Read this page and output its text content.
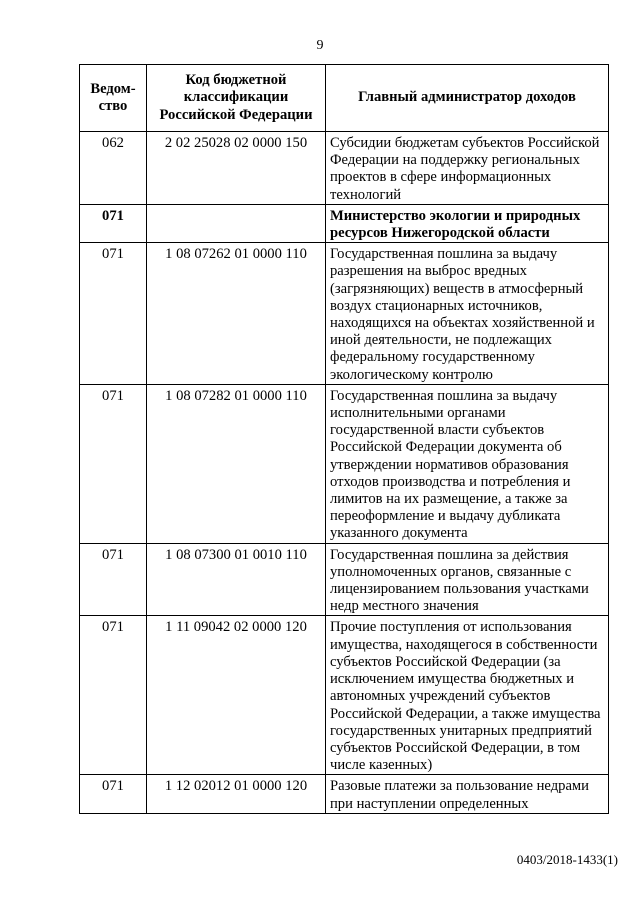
9
Ведом-ство	Код бюджетной классификации Российской Федерации	Главный администратор доходов
062	2 02 25028 02 0000 150	Субсидии бюджетам субъектов Российской Федерации на поддержку региональных проектов в сфере информационных технологий
071		Министерство экологии и природных ресурсов Нижегородской области
071	1 08 07262 01 0000 110	Государственная пошлина за выдачу разрешения на выброс вредных (загрязняющих) веществ в атмосферный воздух стационарных источников, находящихся на объектах хозяйственной и иной деятельности, не подлежащих федеральному государственному экологическому контролю
071	1 08 07282 01 0000 110	Государственная пошлина за выдачу исполнительными органами государственной власти субъектов Российской Федерации документа об утверждении нормативов образования отходов производства и потребления и лимитов на их размещение, а также за переоформление и выдачу дубликата указанного документа
071	1 08 07300 01 0010 110	Государственная пошлина за действия уполномоченных органов, связанные с лицензированием пользования участками недр местного значения
071	1 11 09042 02 0000 120	Прочие поступления от использования имущества, находящегося в собственности субъектов Российской Федерации (за исключением имущества бюджетных и автономных учреждений субъектов Российской Федерации, а также имущества государственных унитарных предприятий субъектов Российской Федерации, в том числе казенных)
071	1 12 02012 01 0000 120	Разовые платежи за пользование недрами при наступлении определенных
0403/2018-1433(1)
